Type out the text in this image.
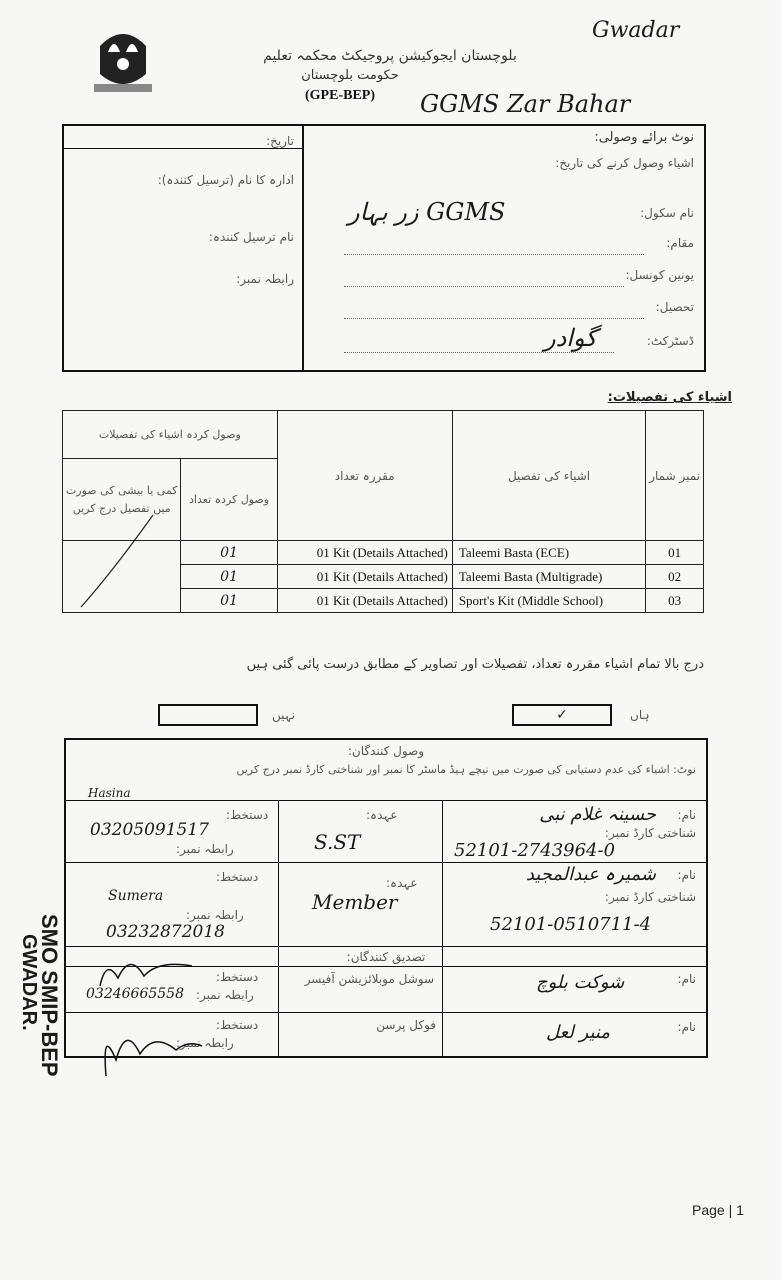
Gwadar
بلوچستان ایجوکیشن پروجیکٹ محکمہ تعلیم
حکومت بلوچستان
(GPE-BEP) GGMS Zar Bahar
نوٹ برائے وصولی:
تاریخ:
اشیاء وصول کرنے کی تاریخ:
ادارہ کا نام (ترسیل کنندہ):
نام سکول:
GGMS زر بہار
نام ترسیل کنندہ:	مقام:
رابطہ نمبر:	یونین کونسل:
تحصیل:
ڈسٹرکٹ:
گوادر
اشیاء کی تفصیلات:
وصول کردہ اشیاء کی تفصیلات		مقررہ تعداد	اشیاء کی تفصیل	نمبر شمار
کمی یا بیشی کی صورت میں تفصیل درج کریں	وصول کردہ تعداد			

	01	01 Kit (Details Attached)	Taleemi Basta (ECE)	01
	01	01 Kit (Details Attached)	Taleemi Basta (Multigrade)	02
	01	01 Kit (Details Attached)	Sport's Kit (Middle School)	03
درج بالا تمام اشیاء مقررہ تعداد، تفصیلات اور تصاویر کے مطابق درست پائی گئی ہیں
نہیں	✓	ہاں
وصول کنندگان:
نوٹ: اشیاء کی عدم دستیابی کی صورت میں نیچے ہیڈ ماسٹر کا نمبر اور شناختی کارڈ نمبر درج کریں
نام:
حسینہ غلام نبی
شناختی کارڈ نمبر:
52101-2743964-0
عہدہ:
S.ST
Hasina
دستخط:
رابطہ نمبر:
03205091517
نام:
شمیرہ عبدالمجید
شناختی کارڈ نمبر:
52101-0510711-4
عہدہ:
Member
دستخط:
Sumera
رابطہ نمبر:
03232872018
تصدیق کنندگان:
نام:
شوکت بلوچ
سوشل موبلائزیشن آفیسر
دستخط:
رابطہ نمبر:
03246665558
نام:
منیر لعل
فوکل پرسن
دستخط:
رابطہ نمبر:
SMO SMIP-BEP
GWADAR.
Page | 1
